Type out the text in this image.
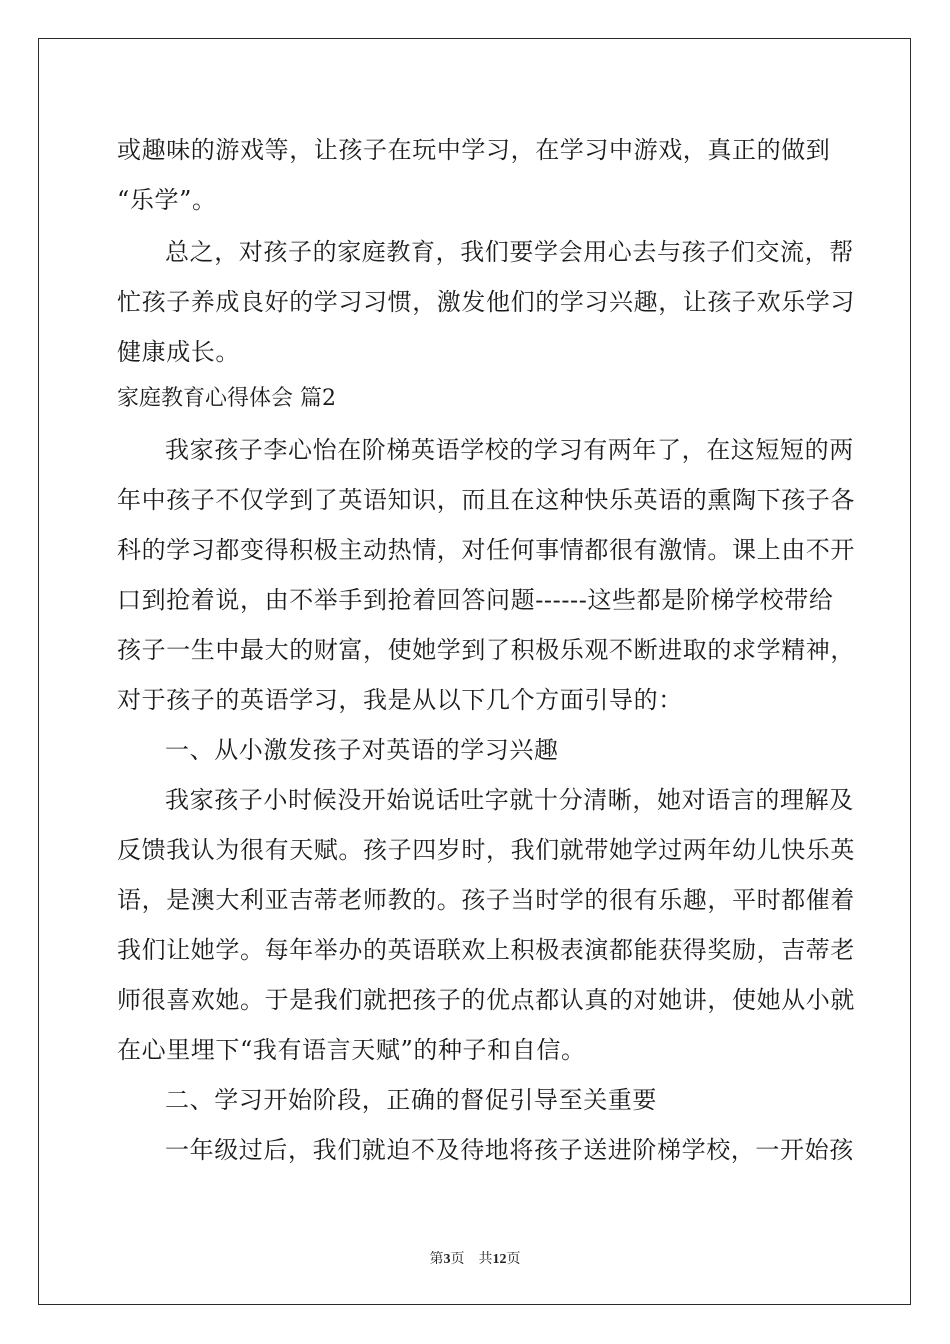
或趣味的游戏等，让孩子在玩中学习，在学习中游戏，真正的做到
“乐学”。
总之，对孩子的家庭教育，我们要学会用心去与孩子们交流，帮
忙孩子养成良好的学习习惯，激发他们的学习兴趣，让孩子欢乐学习
健康成长。
家庭教育心得体会 篇2
我家孩子李心怡在阶梯英语学校的学习有两年了，在这短短的两
年中孩子不仅学到了英语知识，而且在这种快乐英语的熏陶下孩子各
科的学习都变得积极主动热情，对任何事情都很有激情。课上由不开
口到抢着说，由不举手到抢着回答问题------这些都是阶梯学校带给
孩子一生中最大的财富，使她学到了积极乐观不断进取的求学精神，
对于孩子的英语学习，我是从以下几个方面引导的：
一、从小激发孩子对英语的学习兴趣
我家孩子小时候没开始说话吐字就十分清晰，她对语言的理解及
反馈我认为很有天赋。孩子四岁时，我们就带她学过两年幼儿快乐英
语，是澳大利亚吉蒂老师教的。孩子当时学的很有乐趣，平时都催着
我们让她学。每年举办的英语联欢上积极表演都能获得奖励，吉蒂老
师很喜欢她。于是我们就把孩子的优点都认真的对她讲，使她从小就
在心里埋下“我有语言天赋”的种子和自信。
二、学习开始阶段，正确的督促引导至关重要
一年级过后，我们就迫不及待地将孩子送进阶梯学校，一开始孩
第3页　共12页
